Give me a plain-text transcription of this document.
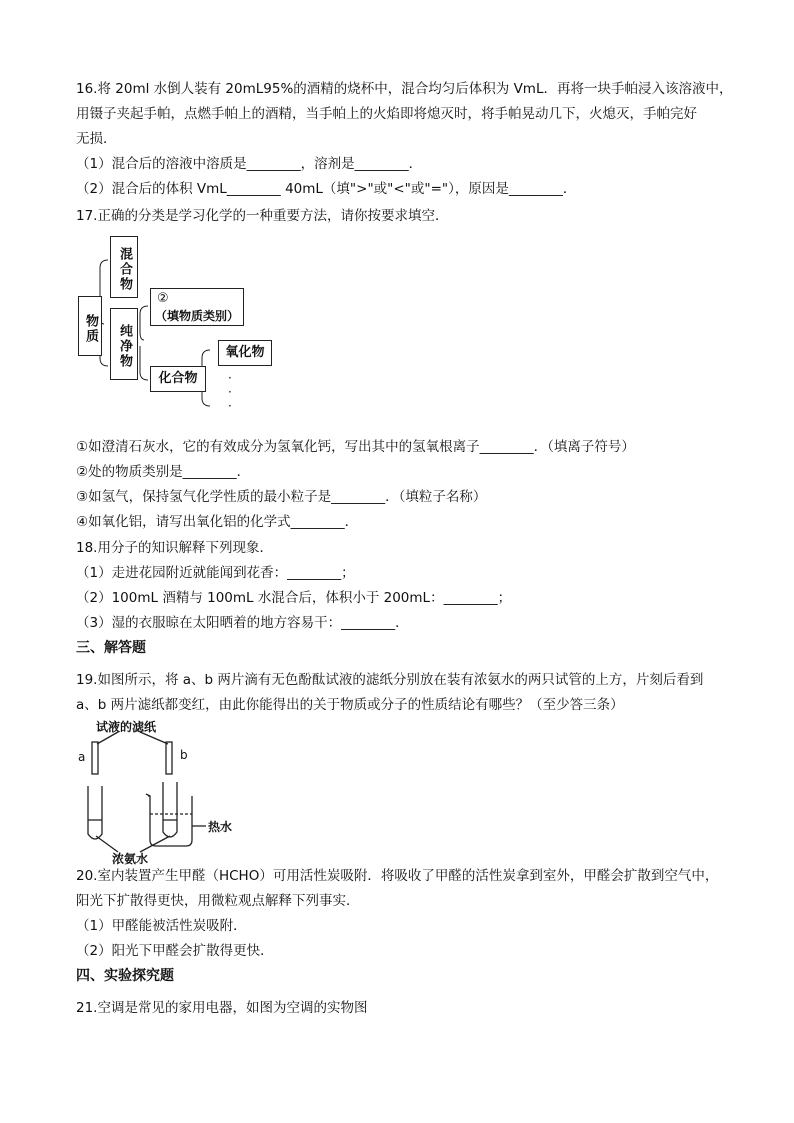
16.将 20ml 水倒人装有 20mL95%的酒精的烧杯中，混合均匀后体积为 VmL．再将一块手帕浸入该溶液中，
用镊子夹起手帕，点燃手帕上的酒精，当手帕上的火焰即将熄灭时，将手帕晃动几下，火熄灭，手帕完好
无损．
（1）混合后的溶液中溶质是________，溶剂是________．
（2）混合后的体积 VmL________ 40mL（填">"或"<"或"="），原因是________．
17.正确的分类是学习化学的一种重要方法，请你按要求填空．
物质
混合物
纯净物
②
（填物质类别）
化合物
氧化物
·
·
·
①如澄清石灰水，它的有效成分为氢氧化钙，写出其中的氢氧根离子________．（填离子符号）
②处的物质类别是________．
③如氢气，保持氢气化学性质的最小粒子是________．（填粒子名称）
④如氧化铝，请写出氧化铝的化学式________．
18.用分子的知识解释下列现象．
（1）走进花园附近就能闻到花香：________；
（2）100mL 酒精与 100mL 水混合后，体积小于 200mL：________；
（3）湿的衣服晾在太阳晒着的地方容易干：________．
三、解答题
19.如图所示，将 a、b 两片滴有无色酚酞试液的滤纸分别放在装有浓氨水的两只试管的上方，片刻后看到
a、b 两片滤纸都变红，由此你能得出的关于物质或分子的性质结论有哪些？（至少答三条）
试液的滤纸
a	b
热水
浓氨水
20.室内装置产生甲醛（HCHO）可用活性炭吸附．将吸收了甲醛的活性炭拿到室外，甲醛会扩散到空气中，
阳光下扩散得更快，用微粒观点解释下列事实．
（1）甲醛能被活性炭吸附．
（2）阳光下甲醛会扩散得更快．
四、实验探究题
21.空调是常见的家用电器，如图为空调的实物图
